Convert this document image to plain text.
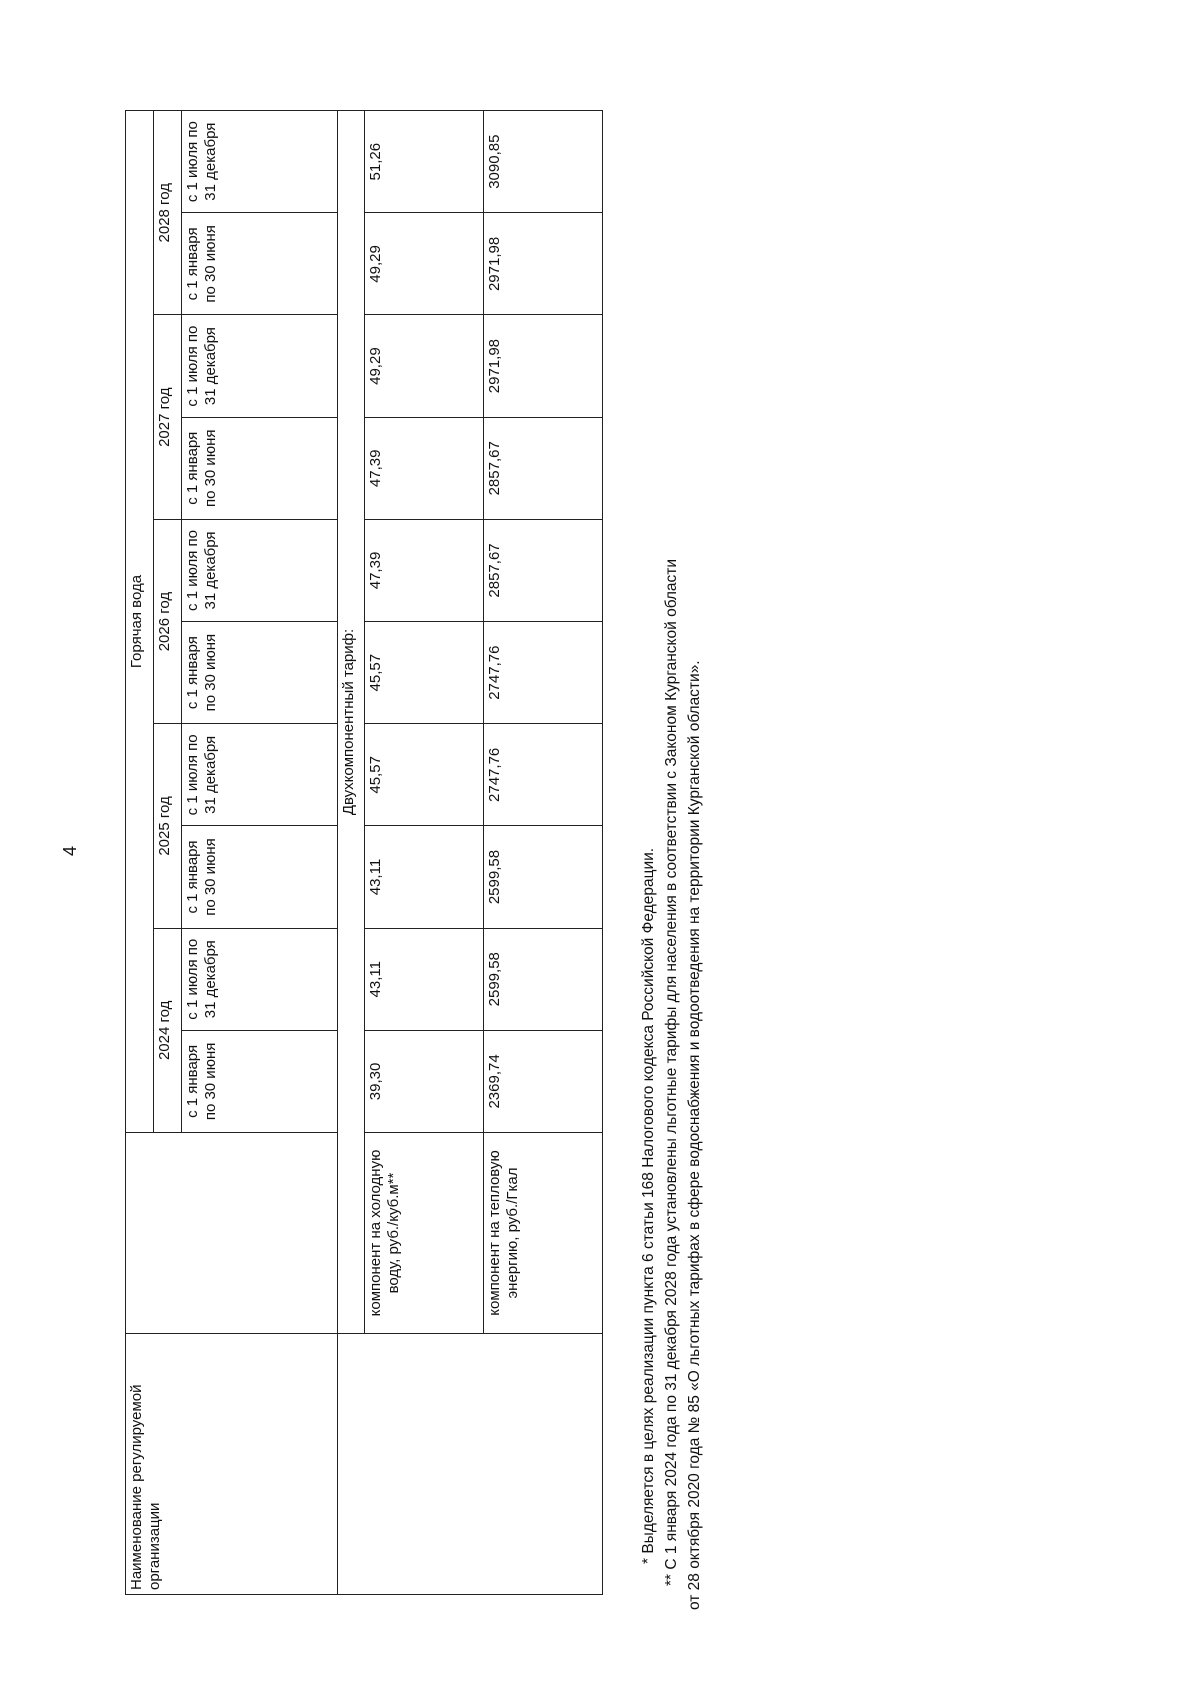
4
Наименование регулируемой организации		Горячая вода									
		2024 год		2025 год		2026 год		2027 год		2028 год	
		с 1 января по 30 июня	с 1 июля по 31 декабря	с 1 января по 30 июня	с 1 июля по 31 декабря	с 1 января по 30 июня	с 1 июля по 31 декабря	с 1 января по 30 июня	с 1 июля по 31 декабря	с 1 января по 30 июня	с 1 июля по 31 декабря
	Двухкомпонентный тариф:										
	компонент на холодную воду, руб./куб.м**	39,30	43,11	43,11	45,57	45,57	47,39	47,39	49,29	49,29	51,26
	компонент на тепловую энергию, руб./Гкал	2369,74	2599,58	2599,58	2747,76	2747,76	2857,67	2857,67	2971,98	2971,98	3090,85

* Выделяется в целях реализации пункта 6 статьи 168 Налогового кодекса Российской Федерации. ** С 1 января 2024 года по 31 декабря 2028 года установлены льготные тарифы для населения в соответствии с Законом Курганской области от 28 октября 2020 года № 85 «О льготных тарифах в сфере водоснабжения и водоотведения на территории Курганской области».
